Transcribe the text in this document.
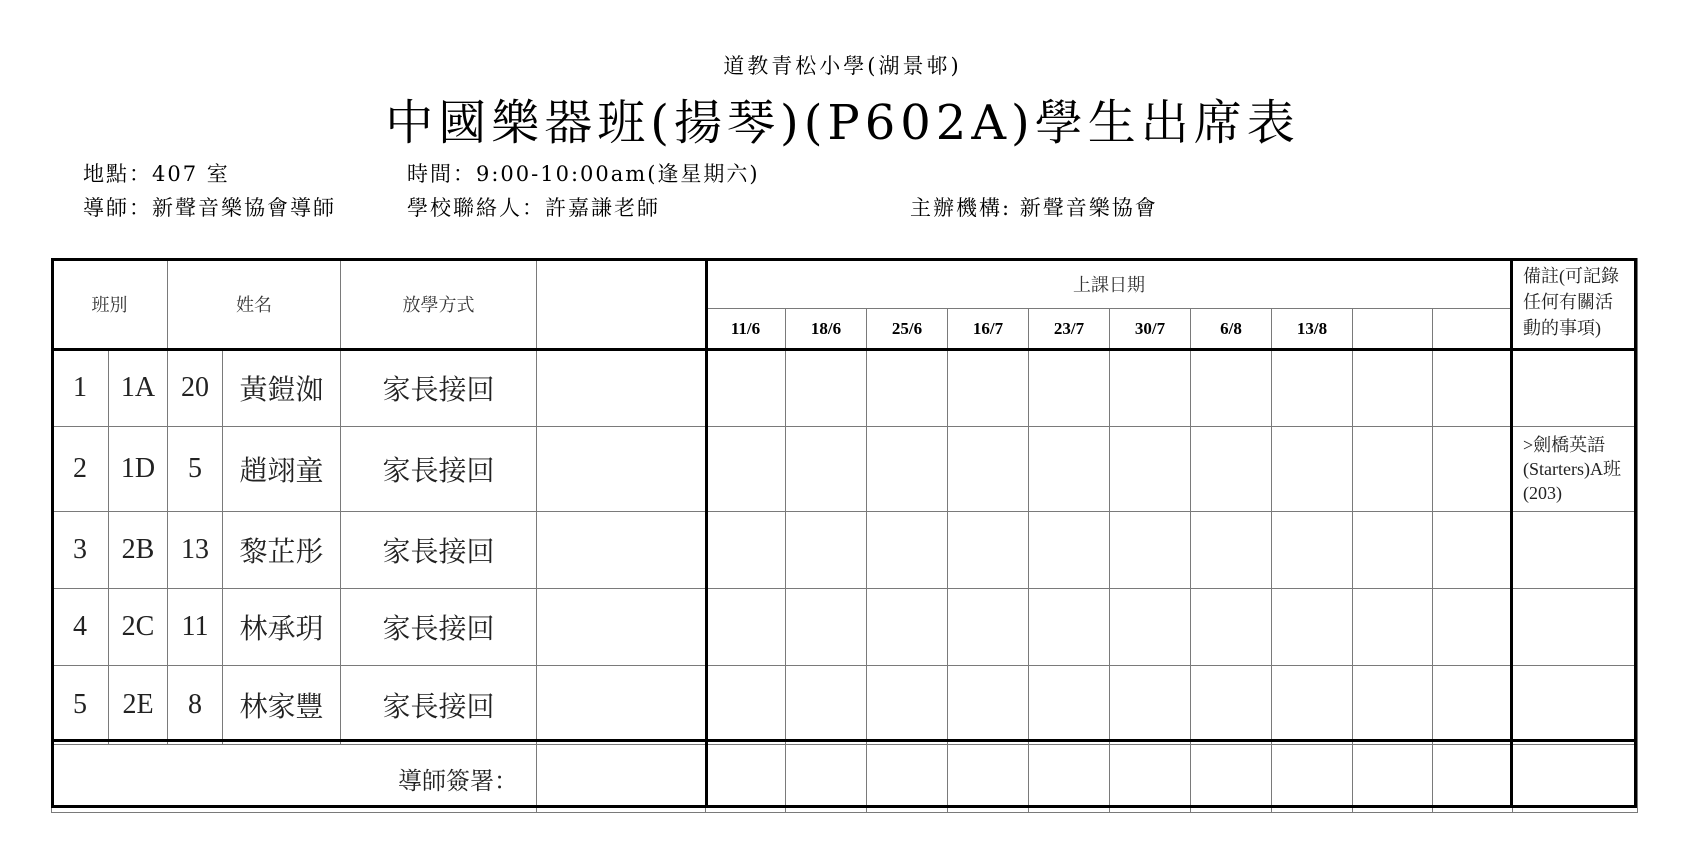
道教青松小學(湖景邨)
中國樂器班(揚琴)(P602A)學生出席表
地點：407 室	時間：9:00-10:00am(逢星期六)
導師：新聲音樂協會導師	學校聯絡人：許嘉謙老師	主辦機構: 新聲音樂協會
班別		姓名		放學方式		上課日期										備註(可記錄任何有關活動的事項)
						11/6	18/6	25/6	16/7	23/7	30/7	6/8	13/8			
1	1A	20	黃鎧洳	家長接回												
2	1D	5	趙翊童	家長接回												>劍橋英語 (Starters)A班(203)
3	2B	13	黎芷彤	家長接回												
4	2C	11	林承玥	家長接回												
5	2E	8	林家豐	家長接回												
導師簽署：																
